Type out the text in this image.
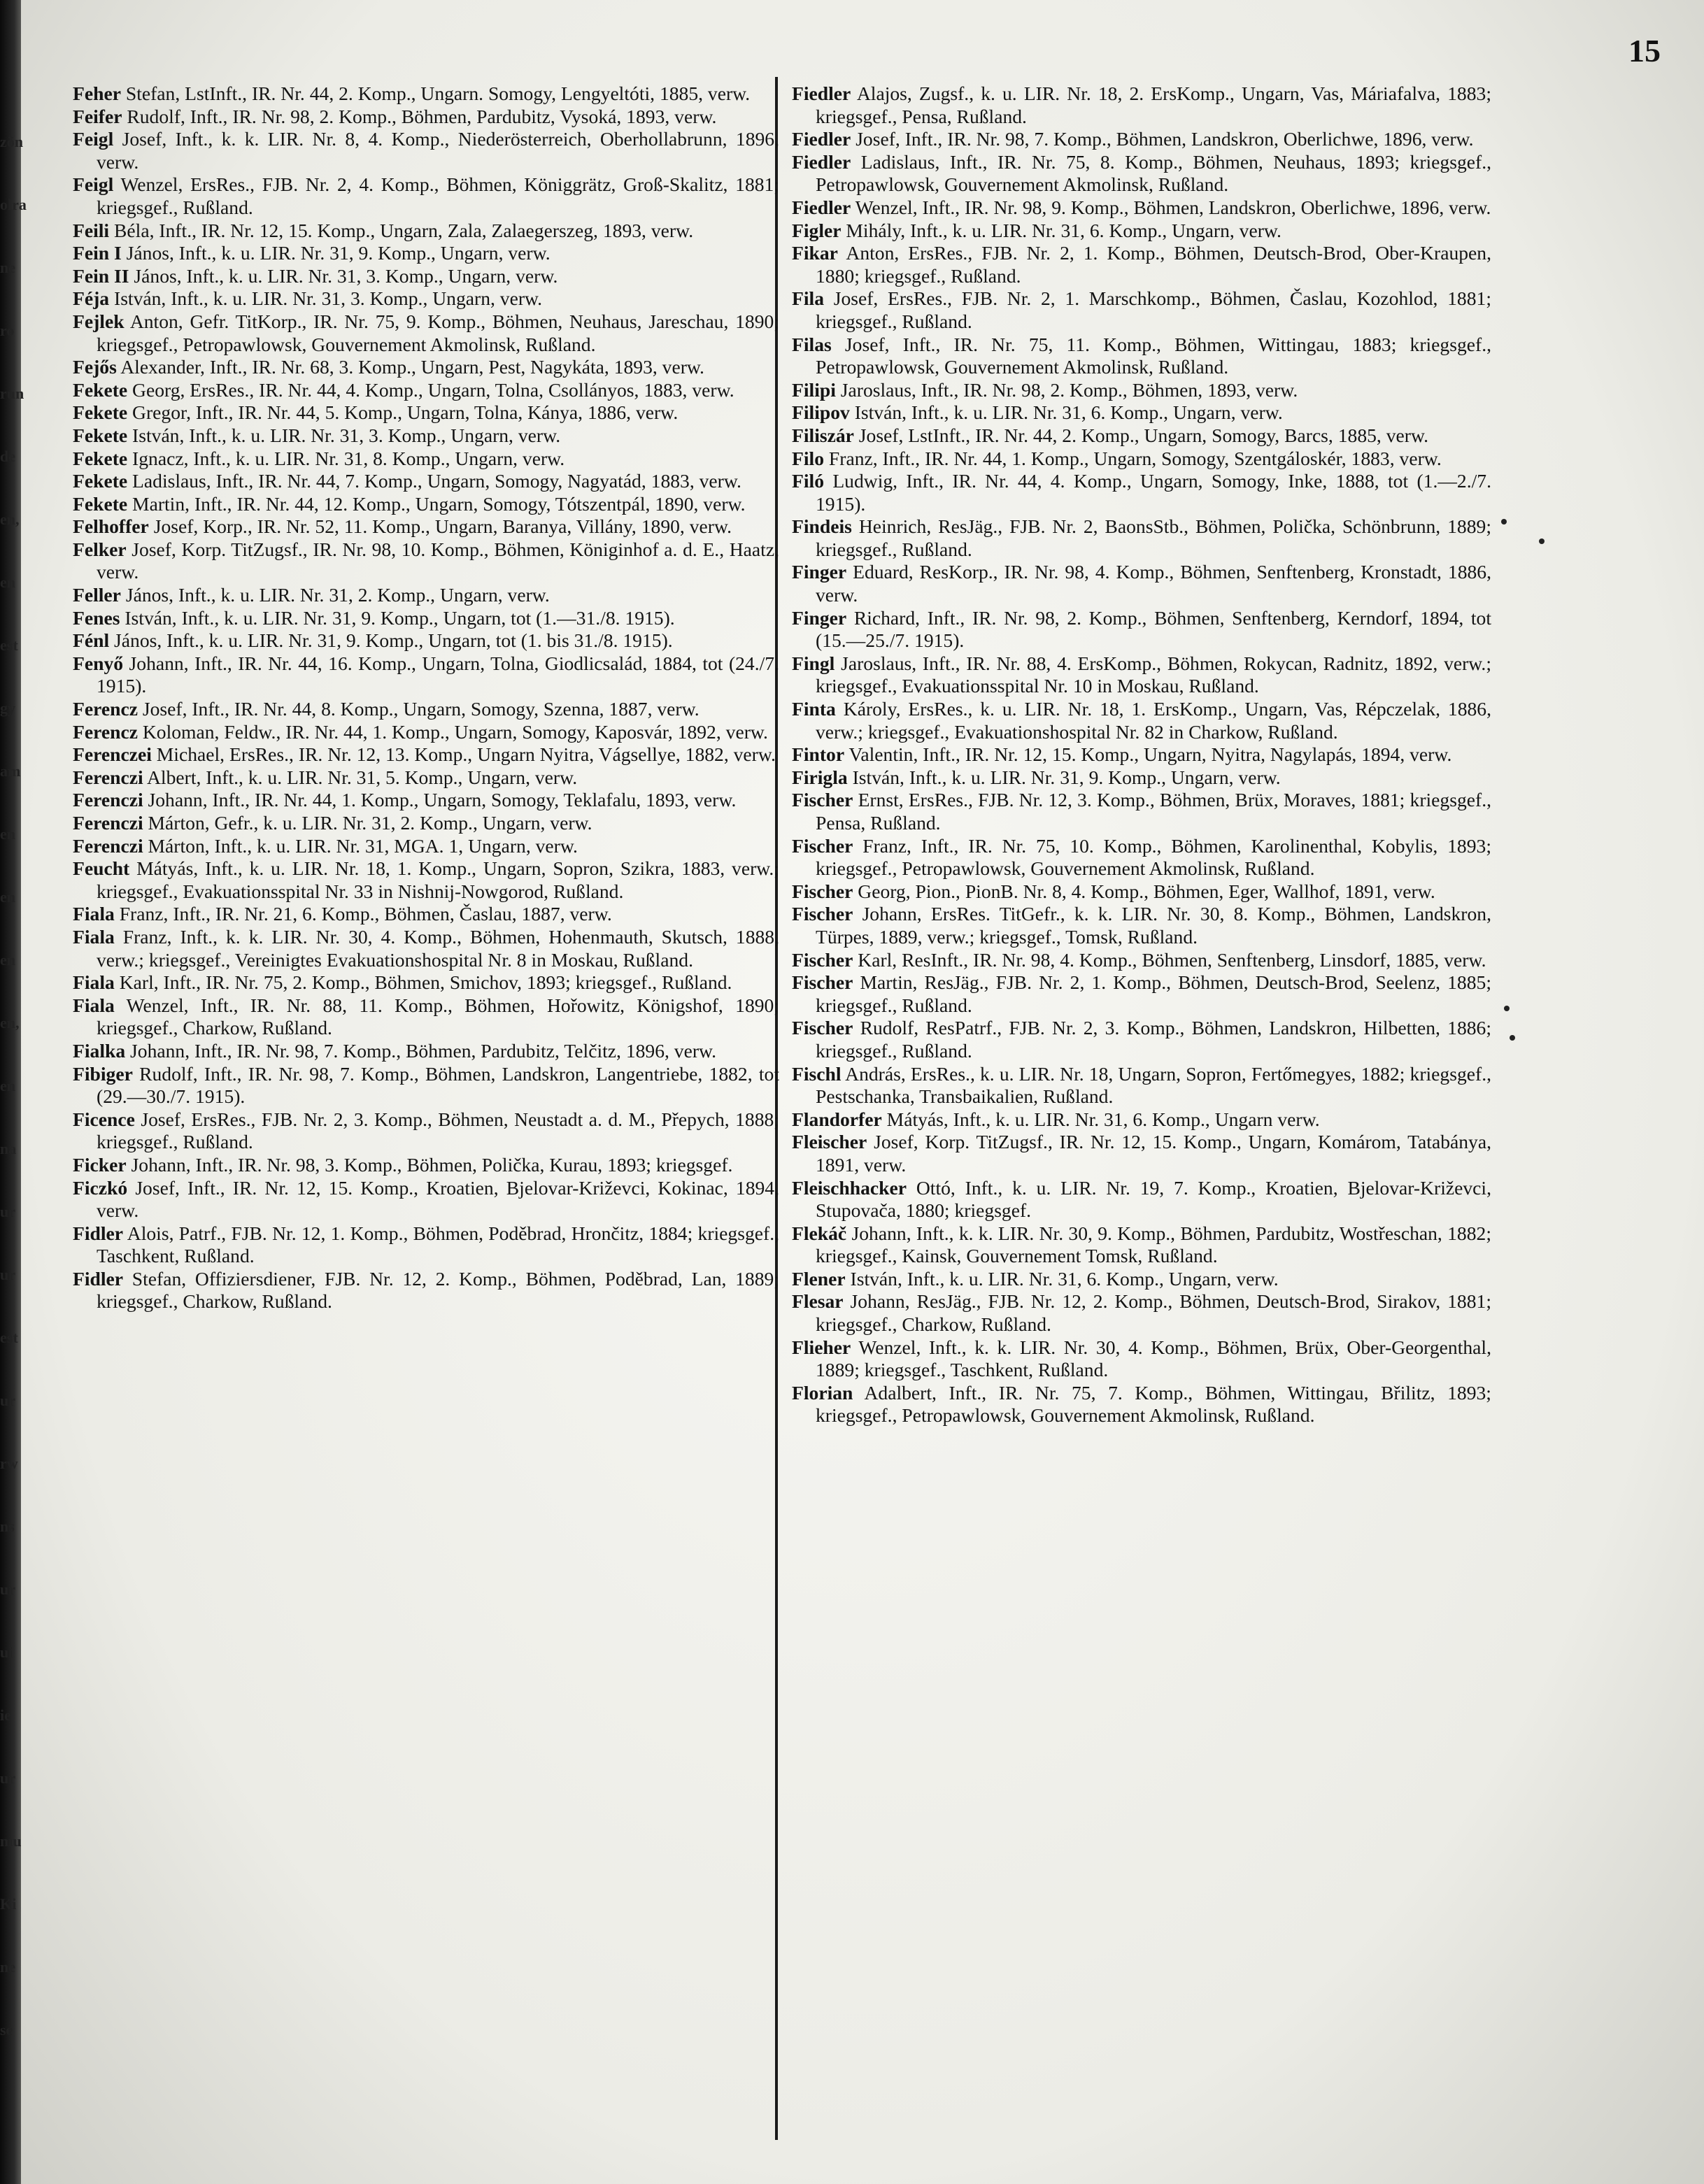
zön
olra
ne
ro
run
de
en,
en
est
gy
am
en
en
en
en,
en
na
ur
ur
est
ur
rw
ns
ur
ui
ie
ur
mu
Ki
ne
se
15

Feher Stefan, LstInft., IR. Nr. 44, 2. Komp., Ungarn. Somogy, Lengyeltóti, 1885, verw.

Feifer Rudolf, Inft., IR. Nr. 98, 2. Komp., Böhmen, Pardubitz, Vysoká, 1893, verw.

Feigl Josef, Inft., k. k. LIR. Nr. 8, 4. Komp., Niederösterreich, Oberhollabrunn, 1896, verw.

Feigl Wenzel, ErsRes., FJB. Nr. 2, 4. Komp., Böhmen, Königgrätz, Groß-Skalitz, 1881; kriegsgef., Rußland.

Feili Béla, Inft., IR. Nr. 12, 15. Komp., Ungarn, Zala, Zalaegerszeg, 1893, verw.

Fein I János, Inft., k. u. LIR. Nr. 31, 9. Komp., Ungarn, verw.

Fein II János, Inft., k. u. LIR. Nr. 31, 3. Komp., Ungarn, verw.

Féja István, Inft., k. u. LIR. Nr. 31, 3. Komp., Ungarn, verw.

Fejlek Anton, Gefr. TitKorp., IR. Nr. 75, 9. Komp., Böhmen, Neuhaus, Jareschau, 1890; kriegsgef., Petropawlowsk, Gouvernement Akmolinsk, Rußland.

Fejős Alexander, Inft., IR. Nr. 68, 3. Komp., Ungarn, Pest, Nagykáta, 1893, verw.

Fekete Georg, ErsRes., IR. Nr. 44, 4. Komp., Ungarn, Tolna, Csollányos, 1883, verw.

Fekete Gregor, Inft., IR. Nr. 44, 5. Komp., Ungarn, Tolna, Kánya, 1886, verw.

Fekete István, Inft., k. u. LIR. Nr. 31, 3. Komp., Ungarn, verw.

Fekete Ignacz, Inft., k. u. LIR. Nr. 31, 8. Komp., Ungarn, verw.

Fekete Ladislaus, Inft., IR. Nr. 44, 7. Komp., Ungarn, Somogy, Nagyatád, 1883, verw.

Fekete Martin, Inft., IR. Nr. 44, 12. Komp., Ungarn, Somogy, Tótszentpál, 1890, verw.

Felhoffer Josef, Korp., IR. Nr. 52, 11. Komp., Ungarn, Baranya, Villány, 1890, verw.

Felker Josef, Korp. TitZugsf., IR. Nr. 98, 10. Komp., Böhmen, Königinhof a. d. E., Haatz, verw.

Feller János, Inft., k. u. LIR. Nr. 31, 2. Komp., Ungarn, verw.

Fenes István, Inft., k. u. LIR. Nr. 31, 9. Komp., Ungarn, tot (1.—31./8. 1915).

Fénl János, Inft., k. u. LIR. Nr. 31, 9. Komp., Ungarn, tot (1. bis 31./8. 1915).

Fenyő Johann, Inft., IR. Nr. 44, 16. Komp., Ungarn, Tolna, Giodlicsalád, 1884, tot (24./7. 1915).

Ferencz Josef, Inft., IR. Nr. 44, 8. Komp., Ungarn, Somogy, Szenna, 1887, verw.

Ferencz Koloman, Feldw., IR. Nr. 44, 1. Komp., Ungarn, Somogy, Kaposvár, 1892, verw.

Ferenczei Michael, ErsRes., IR. Nr. 12, 13. Komp., Ungarn Nyitra, Vágsellye, 1882, verw.

Ferenczi Albert, Inft., k. u. LIR. Nr. 31, 5. Komp., Ungarn, verw.

Ferenczi Johann, Inft., IR. Nr. 44, 1. Komp., Ungarn, Somogy, Teklafalu, 1893, verw.

Ferenczi Márton, Gefr., k. u. LIR. Nr. 31, 2. Komp., Ungarn, verw.

Ferenczi Márton, Inft., k. u. LIR. Nr. 31, MGA. 1, Ungarn, verw.

Feucht Mátyás, Inft., k. u. LIR. Nr. 18, 1. Komp., Ungarn, Sopron, Szikra, 1883, verw.; kriegsgef., Evakuationsspital Nr. 33 in Nishnij-Nowgorod, Rußland.

Fiala Franz, Inft., IR. Nr. 21, 6. Komp., Böhmen, Časlau, 1887, verw.

Fiala Franz, Inft., k. k. LIR. Nr. 30, 4. Komp., Böhmen, Hohenmauth, Skutsch, 1888, verw.; kriegsgef., Vereinigtes Evakuationshospital Nr. 8 in Moskau, Rußland.

Fiala Karl, Inft., IR. Nr. 75, 2. Komp., Böhmen, Smichov, 1893; kriegsgef., Rußland.

Fiala Wenzel, Inft., IR. Nr. 88, 11. Komp., Böhmen, Hořowitz, Königshof, 1890; kriegsgef., Charkow, Rußland.

Fialka Johann, Inft., IR. Nr. 98, 7. Komp., Böhmen, Pardubitz, Telčitz, 1896, verw.

Fibiger Rudolf, Inft., IR. Nr. 98, 7. Komp., Böhmen, Landskron, Langentriebe, 1882, tot (29.—30./7. 1915).

Ficence Josef, ErsRes., FJB. Nr. 2, 3. Komp., Böhmen, Neustadt a. d. M., Přepych, 1888; kriegsgef., Rußland.

Ficker Johann, Inft., IR. Nr. 98, 3. Komp., Böhmen, Polička, Kurau, 1893; kriegsgef.

Ficzkó Josef, Inft., IR. Nr. 12, 15. Komp., Kroatien, Bjelovar-Križevci, Kokinac, 1894, verw.

Fidler Alois, Patrf., FJB. Nr. 12, 1. Komp., Böhmen, Poděbrad, Hrončitz, 1884; kriegsgef., Taschkent, Rußland.

Fidler Stefan, Offiziersdiener, FJB. Nr. 12, 2. Komp., Böhmen, Poděbrad, Lan, 1889; kriegsgef., Charkow, Rußland.

Fiedler Alajos, Zugsf., k. u. LIR. Nr. 18, 2. ErsKomp., Ungarn, Vas, Máriafalva, 1883; kriegsgef., Pensa, Rußland.

Fiedler Josef, Inft., IR. Nr. 98, 7. Komp., Böhmen, Landskron, Oberlichwe, 1896, verw.

Fiedler Ladislaus, Inft., IR. Nr. 75, 8. Komp., Böhmen, Neuhaus, 1893; kriegsgef., Petropawlowsk, Gouvernement Akmolinsk, Rußland.

Fiedler Wenzel, Inft., IR. Nr. 98, 9. Komp., Böhmen, Landskron, Oberlichwe, 1896, verw.

Figler Mihály, Inft., k. u. LIR. Nr. 31, 6. Komp., Ungarn, verw.

Fikar Anton, ErsRes., FJB. Nr. 2, 1. Komp., Böhmen, Deutsch-Brod, Ober-Kraupen, 1880; kriegsgef., Rußland.

Fila Josef, ErsRes., FJB. Nr. 2, 1. Marschkomp., Böhmen, Časlau, Kozohlod, 1881; kriegsgef., Rußland.

Filas Josef, Inft., IR. Nr. 75, 11. Komp., Böhmen, Wittingau, 1883; kriegsgef., Petropawlowsk, Gouvernement Akmolinsk, Rußland.

Filipi Jaroslaus, Inft., IR. Nr. 98, 2. Komp., Böhmen, 1893, verw.

Filipov István, Inft., k. u. LIR. Nr. 31, 6. Komp., Ungarn, verw.

Filiszár Josef, LstInft., IR. Nr. 44, 2. Komp., Ungarn, Somogy, Barcs, 1885, verw.

Filo Franz, Inft., IR. Nr. 44, 1. Komp., Ungarn, Somogy, Szentgáloskér, 1883, verw.

Filó Ludwig, Inft., IR. Nr. 44, 4. Komp., Ungarn, Somogy, Inke, 1888, tot (1.—2./7. 1915).

Findeis Heinrich, ResJäg., FJB. Nr. 2, BaonsStb., Böhmen, Polička, Schönbrunn, 1889; kriegsgef., Rußland.

Finger Eduard, ResKorp., IR. Nr. 98, 4. Komp., Böhmen, Senftenberg, Kronstadt, 1886, verw.

Finger Richard, Inft., IR. Nr. 98, 2. Komp., Böhmen, Senftenberg, Kerndorf, 1894, tot (15.—25./7. 1915).

Fingl Jaroslaus, Inft., IR. Nr. 88, 4. ErsKomp., Böhmen, Rokycan, Radnitz, 1892, verw.; kriegsgef., Evakuationsspital Nr. 10 in Moskau, Rußland.

Finta Károly, ErsRes., k. u. LIR. Nr. 18, 1. ErsKomp., Ungarn, Vas, Répczelak, 1886, verw.; kriegsgef., Evakuationshospital Nr. 82 in Charkow, Rußland.

Fintor Valentin, Inft., IR. Nr. 12, 15. Komp., Ungarn, Nyitra, Nagylapás, 1894, verw.

Firigla István, Inft., k. u. LIR. Nr. 31, 9. Komp., Ungarn, verw.

Fischer Ernst, ErsRes., FJB. Nr. 12, 3. Komp., Böhmen, Brüx, Moraves, 1881; kriegsgef., Pensa, Rußland.

Fischer Franz, Inft., IR. Nr. 75, 10. Komp., Böhmen, Karolinenthal, Kobylis, 1893; kriegsgef., Petropawlowsk, Gouvernement Akmolinsk, Rußland.

Fischer Georg, Pion., PionB. Nr. 8, 4. Komp., Böhmen, Eger, Wallhof, 1891, verw.

Fischer Johann, ErsRes. TitGefr., k. k. LIR. Nr. 30, 8. Komp., Böhmen, Landskron, Türpes, 1889, verw.; kriegsgef., Tomsk, Rußland.

Fischer Karl, ResInft., IR. Nr. 98, 4. Komp., Böhmen, Senftenberg, Linsdorf, 1885, verw.

Fischer Martin, ResJäg., FJB. Nr. 2, 1. Komp., Böhmen, Deutsch-Brod, Seelenz, 1885; kriegsgef., Rußland.

Fischer Rudolf, ResPatrf., FJB. Nr. 2, 3. Komp., Böhmen, Landskron, Hilbetten, 1886; kriegsgef., Rußland.

Fischl András, ErsRes., k. u. LIR. Nr. 18, Ungarn, Sopron, Fertőmegyes, 1882; kriegsgef., Pestschanka, Transbaikalien, Rußland.

Flandorfer Mátyás, Inft., k. u. LIR. Nr. 31, 6. Komp., Ungarn verw.

Fleischer Josef, Korp. TitZugsf., IR. Nr. 12, 15. Komp., Ungarn, Komárom, Tatabánya, 1891, verw.

Fleischhacker Ottó, Inft., k. u. LIR. Nr. 19, 7. Komp., Kroatien, Bjelovar-Križevci, Stupovača, 1880; kriegsgef.

Flekáč Johann, Inft., k. k. LIR. Nr. 30, 9. Komp., Böhmen, Pardubitz, Wostřeschan, 1882; kriegsgef., Kainsk, Gouvernement Tomsk, Rußland.

Flener István, Inft., k. u. LIR. Nr. 31, 6. Komp., Ungarn, verw.

Flesar Johann, ResJäg., FJB. Nr. 12, 2. Komp., Böhmen, Deutsch-Brod, Sirakov, 1881; kriegsgef., Charkow, Rußland.

Flieher Wenzel, Inft., k. k. LIR. Nr. 30, 4. Komp., Böhmen, Brüx, Ober-Georgenthal, 1889; kriegsgef., Taschkent, Rußland.

Florian Adalbert, Inft., IR. Nr. 75, 7. Komp., Böhmen, Wittingau, Břilitz, 1893; kriegsgef., Petropawlowsk, Gouvernement Akmolinsk, Rußland.
